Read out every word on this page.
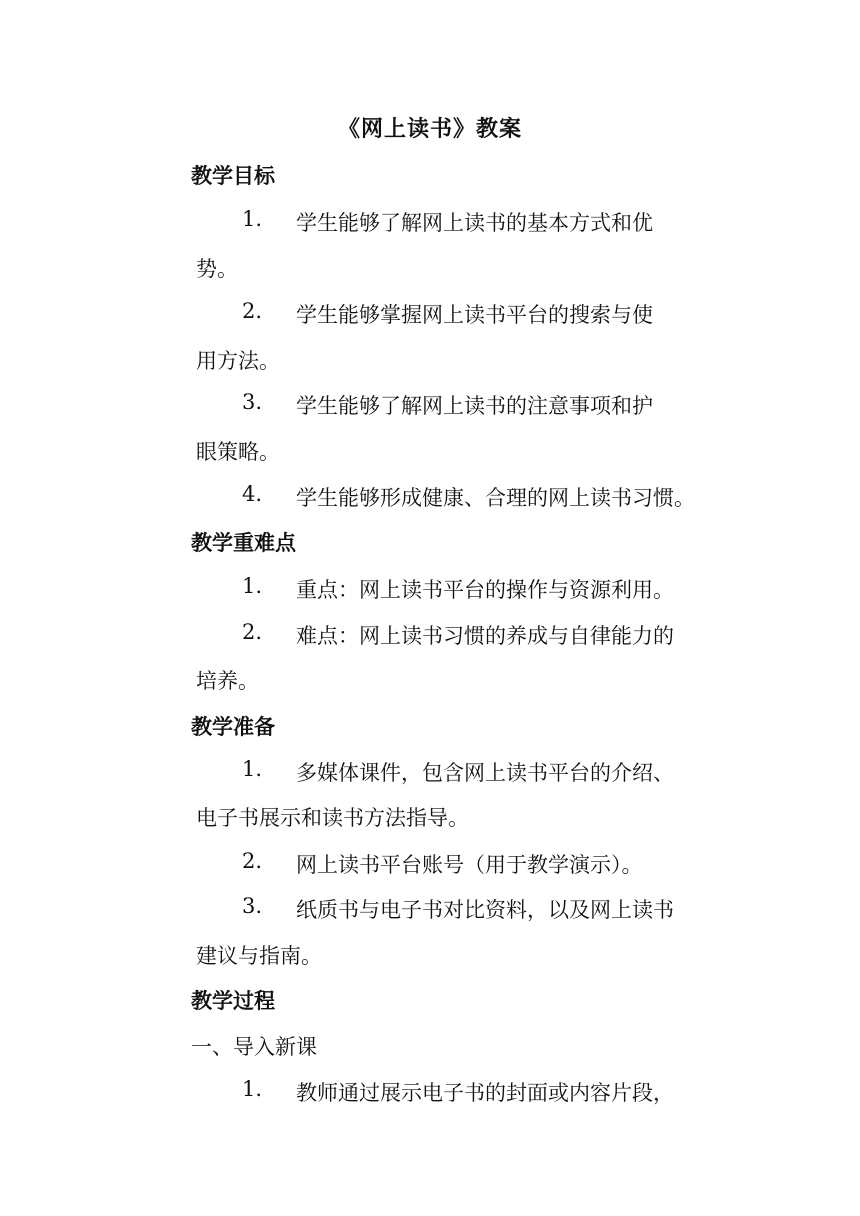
《网上读书》教案
教学目标
1. 学生能够了解网上读书的基本方式和优
势。
2. 学生能够掌握网上读书平台的搜索与使
用方法。
3. 学生能够了解网上读书的注意事项和护
眼策略。
4. 学生能够形成健康、合理的网上读书习惯。
教学重难点
1. 重点：网上读书平台的操作与资源利用。
2. 难点：网上读书习惯的养成与自律能力的
培养。
教学准备
1. 多媒体课件，包含网上读书平台的介绍、
电子书展示和读书方法指导。
2. 网上读书平台账号（用于教学演示）。
3. 纸质书与电子书对比资料，以及网上读书
建议与指南。
教学过程
一、导入新课
1. 教师通过展示电子书的封面或内容片段，
